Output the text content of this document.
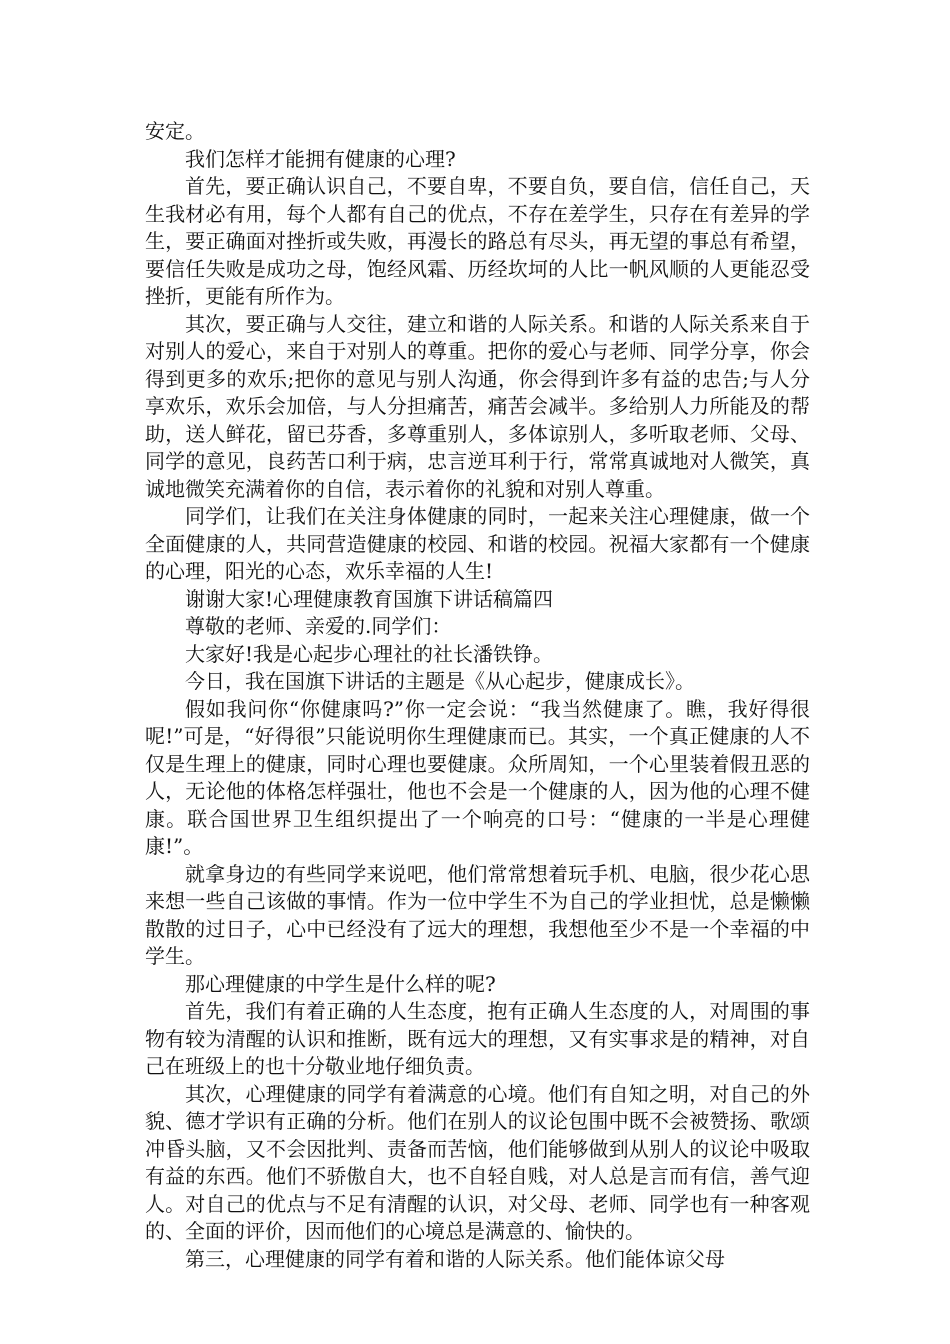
安定。

我们怎样才能拥有健康的心理?

首先，要正确认识自己，不要自卑，不要自负，要自信，信任自己，天生我材必有用，每个人都有自己的优点，不存在差学生，只存在有差异的学生，要正确面对挫折或失败，再漫长的路总有尽头，再无望的事总有希望，要信任失败是成功之母，饱经风霜、历经坎坷的人比一帆风顺的人更能忍受挫折，更能有所作为。

其次，要正确与人交往，建立和谐的人际关系。和谐的人际关系来自于对别人的爱心，来自于对别人的尊重。把你的爱心与老师、同学分享，你会得到更多的欢乐;把你的意见与别人沟通，你会得到许多有益的忠告;与人分享欢乐，欢乐会加倍，与人分担痛苦，痛苦会减半。多给别人力所能及的帮助，送人鲜花，留已芬香，多尊重别人，多体谅别人，多听取老师、父母、同学的意见，良药苦口利于病，忠言逆耳利于行，常常真诚地对人微笑，真诚地微笑充满着你的自信，表示着你的礼貌和对别人尊重。

同学们，让我们在关注身体健康的同时，一起来关注心理健康，做一个全面健康的人，共同营造健康的校园、和谐的校园。祝福大家都有一个健康的心理，阳光的心态，欢乐幸福的人生!

谢谢大家!心理健康教育国旗下讲话稿篇四

尊敬的老师、亲爱的.同学们：

大家好!我是心起步心理社的社长潘铁铮。

今日，我在国旗下讲话的主题是《从心起步，健康成长》。

假如我问你“你健康吗?”你一定会说：“我当然健康了。瞧，我好得很呢!”可是，“好得很”只能说明你生理健康而已。其实，一个真正健康的人不仅是生理上的健康，同时心理也要健康。众所周知，一个心里装着假丑恶的人，无论他的体格怎样强壮，他也不会是一个健康的人，因为他的心理不健康。联合国世界卫生组织提出了一个响亮的口号：“健康的一半是心理健康!”。

就拿身边的有些同学来说吧，他们常常想着玩手机、电脑，很少花心思来想一些自己该做的事情。作为一位中学生不为自己的学业担忧，总是懒懒散散的过日子，心中已经没有了远大的理想，我想他至少不是一个幸福的中学生。

那心理健康的中学生是什么样的呢?

首先，我们有着正确的人生态度，抱有正确人生态度的人，对周围的事物有较为清醒的认识和推断，既有远大的理想，又有实事求是的精神，对自己在班级上的也十分敬业地仔细负责。

其次，心理健康的同学有着满意的心境。他们有自知之明，对自己的外貌、德才学识有正确的分析。他们在别人的议论包围中既不会被赞扬、歌颂冲昏头脑，又不会因批判、责备而苦恼，他们能够做到从别人的议论中吸取有益的东西。他们不骄傲自大，也不自轻自贱，对人总是言而有信，善气迎人。对自己的优点与不足有清醒的认识，对父母、老师、同学也有一种客观的、全面的评价，因而他们的心境总是满意的、愉快的。

第三，心理健康的同学有着和谐的人际关系。他们能体谅父母
